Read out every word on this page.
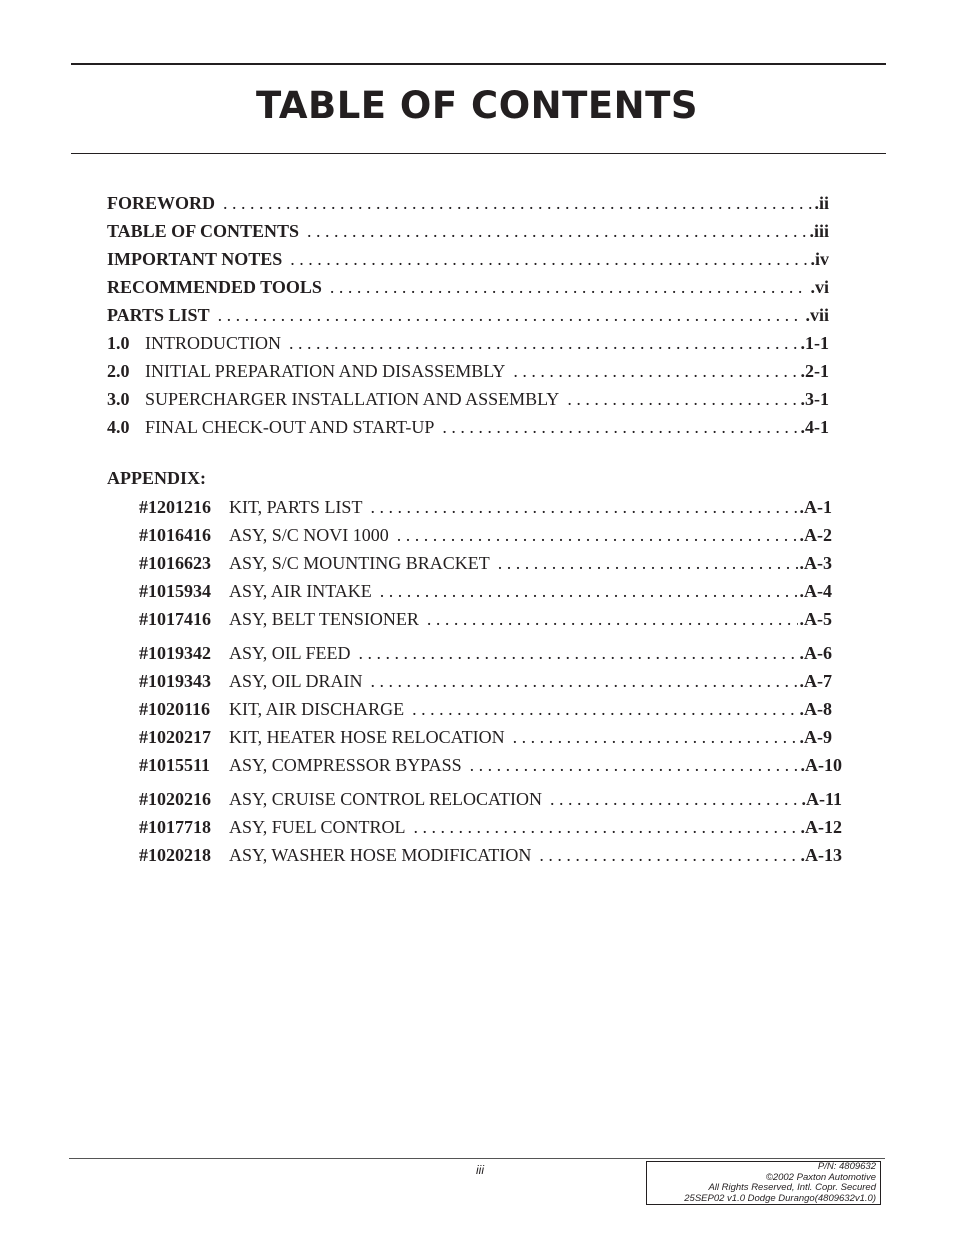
TABLE OF CONTENTS
FOREWORD . . .	.ii
TABLE OF CONTENTS . . .	.iii
IMPORTANT NOTES . . .	.iv
RECOMMENDED TOOLS . . .	.vi
PARTS LIST . . .	.vii
1.0 INTRODUCTION . . .	.1-1
2.0 INITIAL PREPARATION AND DISASSEMBLY . . .	.2-1
3.0 SUPERCHARGER INSTALLATION AND ASSEMBLY . . .	.3-1
4.0 FINAL CHECK-OUT AND START-UP . . .	.4-1
APPENDIX:
#1201216	KIT, PARTS LIST . . .	.A-1
#1016416	ASY, S/C NOVI 1000 . . .	.A-2
#1016623	ASY, S/C MOUNTING BRACKET . . .	.A-3
#1015934	ASY, AIR INTAKE . . .	.A-4
#1017416	ASY, BELT TENSIONER . . .	.A-5
#1019342	ASY, OIL FEED . . .	.A-6
#1019343	ASY, OIL DRAIN . . .	.A-7
#1020116	KIT, AIR DISCHARGE . . .	.A-8
#1020217	KIT, HEATER HOSE RELOCATION . . .	.A-9
#1015511	ASY, COMPRESSOR BYPASS . . .	.A-10
#1020216	ASY, CRUISE CONTROL RELOCATION . . .	.A-11
#1017718	ASY, FUEL CONTROL . . .	.A-12
#1020218	ASY, WASHER HOSE MODIFICATION . . .	.A-13
iii	P/N: 4809632
©2002 Paxton Automotive
All Rights Reserved, Intl. Copr. Secured
25SEP02 v1.0 Dodge Durango(4809632v1.0)
